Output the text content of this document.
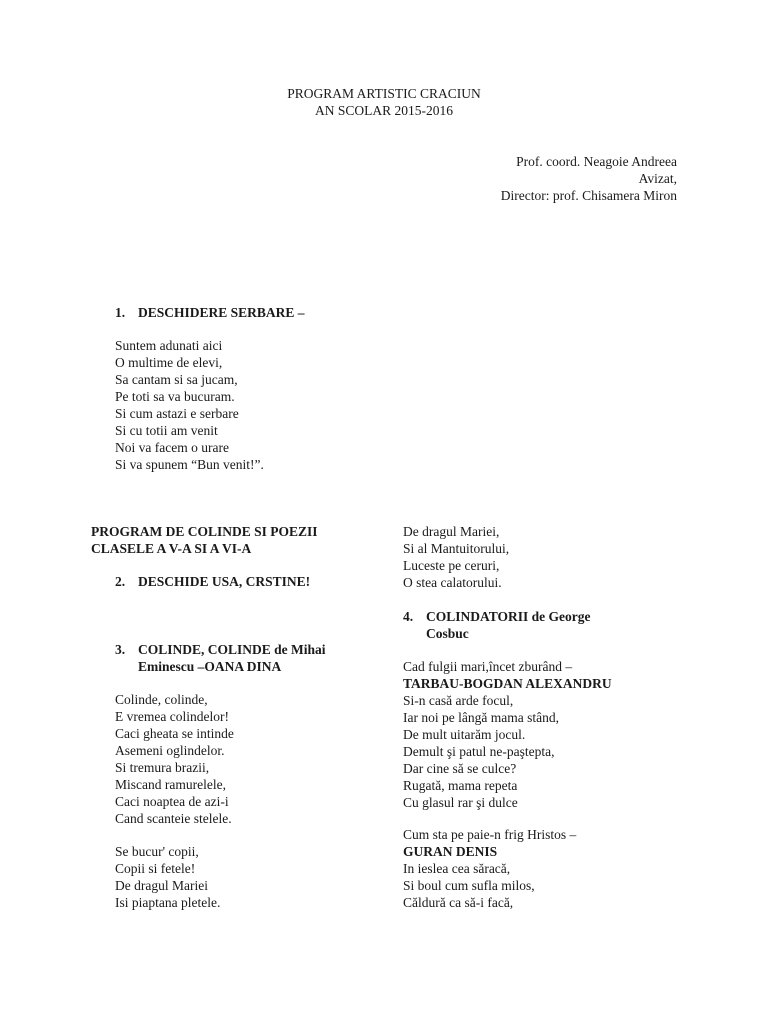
PROGRAM ARTISTIC CRACIUN
AN SCOLAR 2015-2016
Prof. coord. Neagoie Andreea
Avizat,
Director: prof. Chisamera Miron
1. DESCHIDERE SERBARE –
Suntem adunati aici
O multime de elevi,
Sa cantam si sa jucam,
Pe toti sa va bucuram.
Si cum astazi e serbare
Si cu totii am venit
Noi va facem o urare
Si va spunem “Bun venit!”.
PROGRAM DE COLINDE SI POEZII
CLASELE A V-A SI A VI-A
2. DESCHIDE USA, CRSTINE!
3. COLINDE, COLINDE de Mihai
Eminescu –OANA DINA
Colinde, colinde,
E vremea colindelor!
Caci gheata se intinde
Asemeni oglindelor.
Si tremura brazii,
Miscand ramurelele,
Caci noaptea de azi-i
Cand scanteie stelele.
Se bucur' copii,
Copii si fetele!
De dragul Mariei
Isi piaptana pletele.
De dragul Mariei,
Si al Mantuitorului,
Luceste pe ceruri,
O stea calatorului.
4. COLINDATORII de George
Cosbuc
Cad fulgii mari,încet zburând –
TARBAU-BOGDAN ALEXANDRU
Si-n casă arde focul,
Iar noi pe lângă mama stând,
De mult uitarăm jocul.
Demult şi patul ne-paştepta,
Dar cine să se culce?
Rugată, mama repeta
Cu glasul rar şi dulce
Cum sta pe paie-n frig Hristos –
GURAN DENIS
In ieslea cea săracă,
Si boul cum sufla milos,
Căldură ca să-i facă,
